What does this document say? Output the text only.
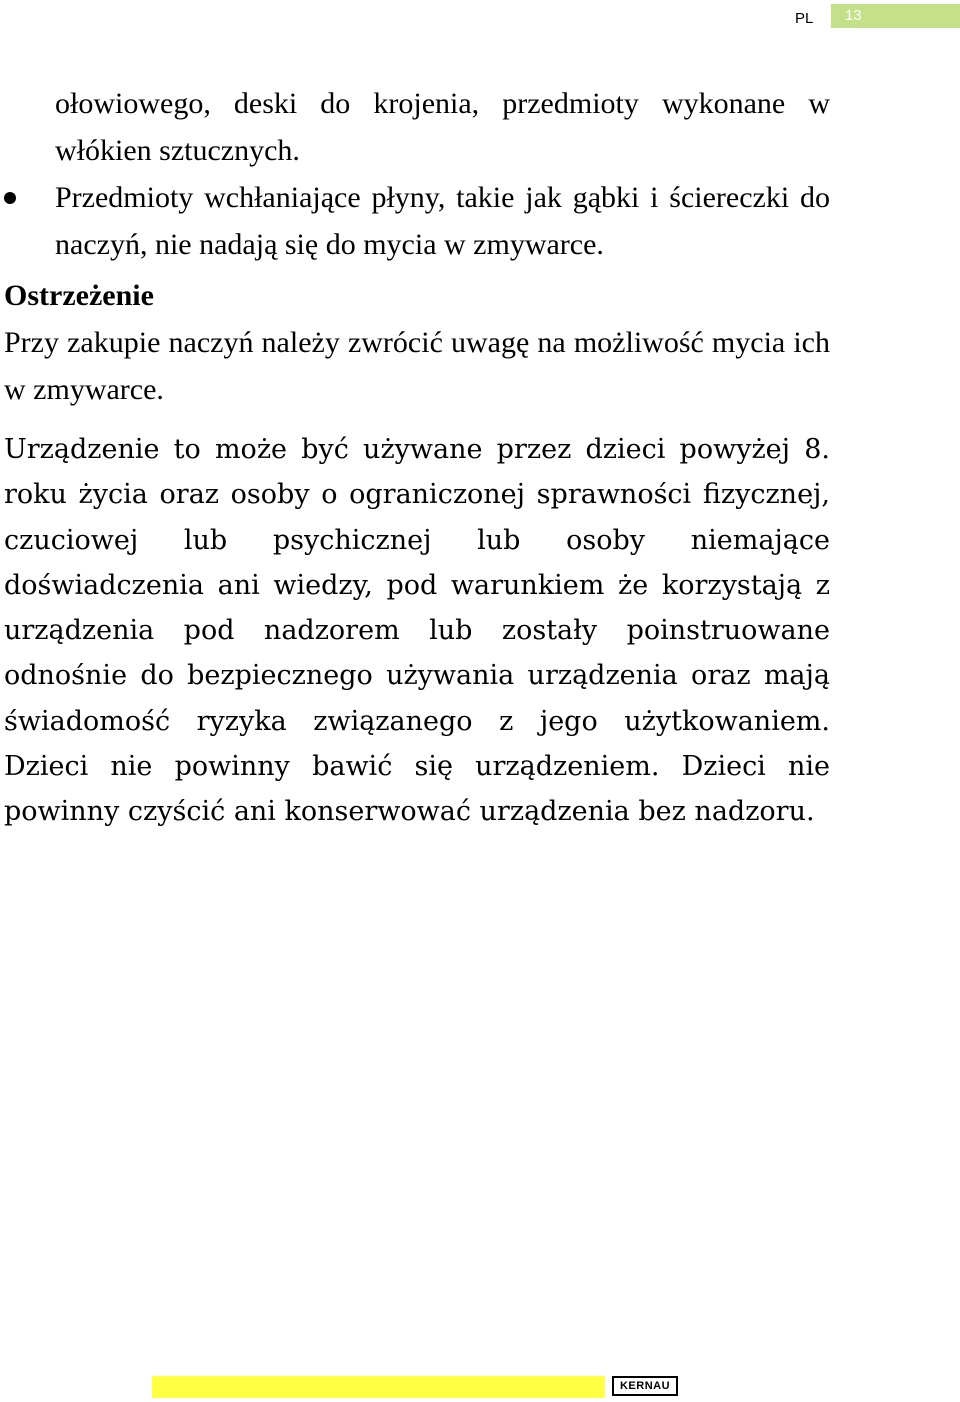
PL 13

ołowiowego, deski do krojenia, przedmioty wykonane w włókien sztucznych.

Przedmioty wchłaniające płyny, takie jak gąbki i ściereczki do naczyń, nie nadają się do mycia w zmywarce.

Ostrzeżenie

Przy zakupie naczyń należy zwrócić uwagę na możliwość mycia ich w zmywarce.

Urządzenie to może być używane przez dzieci powyżej 8. roku życia oraz osoby o ograniczonej sprawności fizycznej, czuciowej lub psychicznej lub osoby niemające doświadczenia ani wiedzy, pod warunkiem że korzystają z urządzenia pod nadzorem lub zostały poinstruowane odnośnie do bezpiecznego używania urządzenia oraz mają świadomość ryzyka związanego z jego użytkowaniem. Dzieci nie powinny bawić się urządzeniem. Dzieci nie powinny czyścić ani konserwować urządzenia bez nadzoru.

KERNAU
